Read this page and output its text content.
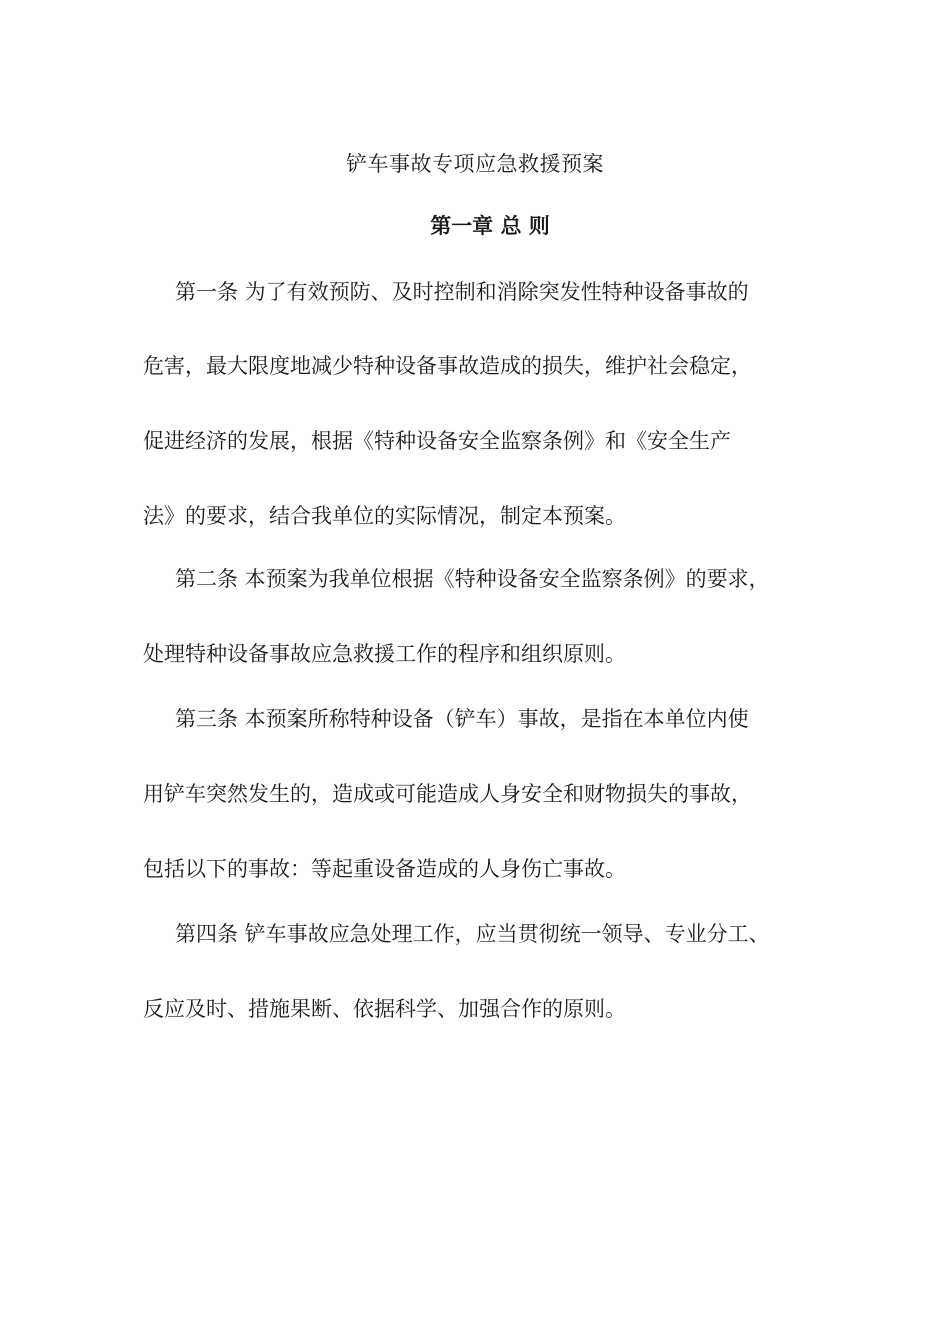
铲车事故专项应急救援预案
第一章 总 则
第一条 为了有效预防、及时控制和消除突发性特种设备事故的
危害，最大限度地减少特种设备事故造成的损失，维护社会稳定，
促进经济的发展，根据《特种设备安全监察条例》和《安全生产
法》的要求，结合我单位的实际情况，制定本预案。
第二条 本预案为我单位根据《特种设备安全监察条例》的要求，
处理特种设备事故应急救援工作的程序和组织原则。
第三条 本预案所称特种设备（铲车）事故，是指在本单位内使
用铲车突然发生的，造成或可能造成人身安全和财物损失的事故，
包括以下的事故：等起重设备造成的人身伤亡事故。
第四条 铲车事故应急处理工作，应当贯彻统一领导、专业分工、
反应及时、措施果断、依据科学、加强合作的原则。
